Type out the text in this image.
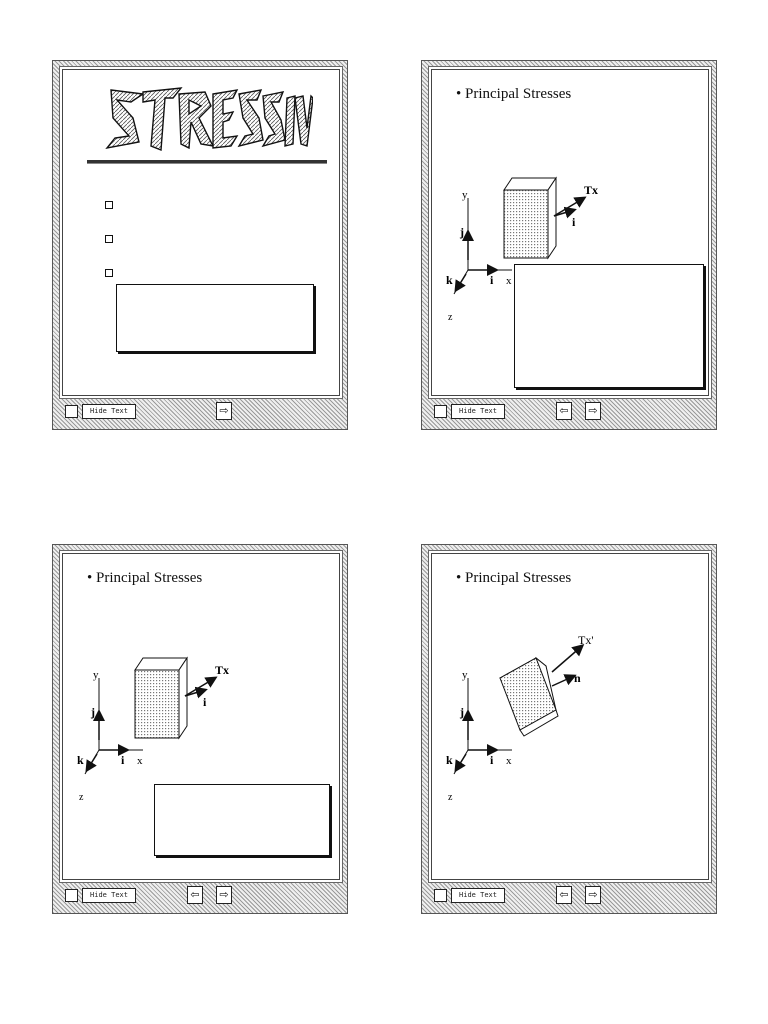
Hide Text	⇨
• Principal Stresses
y
j
k
z
i x
Tx
i
Hide Text	⇦	⇨
• Principal Stresses
y
j
k
z
i x
Tx
i
Hide Text	⇦	⇨
• Principal Stresses
y
j
k
z
i x
Tx'
n
Hide Text	⇦	⇨
